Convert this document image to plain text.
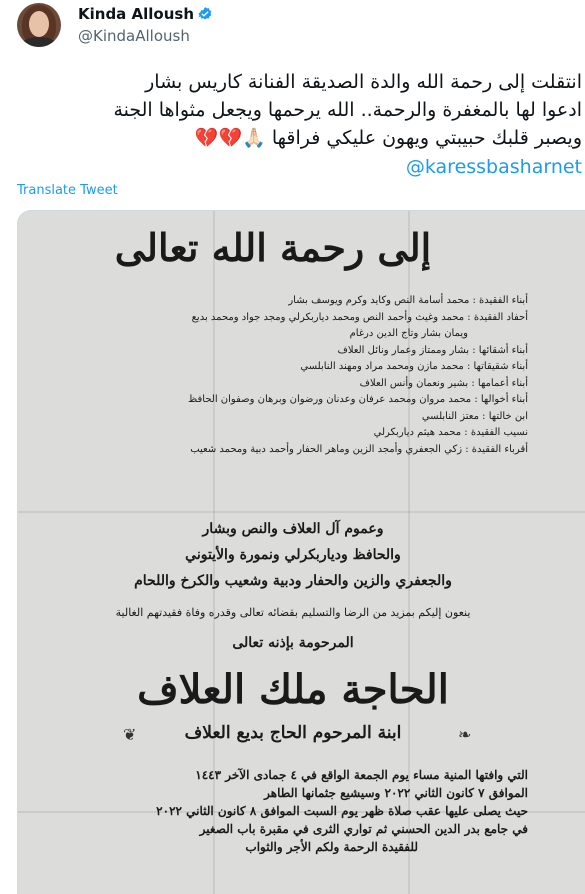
Kinda Alloush
@KindaAlloush

انتقلت إلى رحمة الله والدة الصديقة الفنانة كاريس بشار

ادعوا لها بالمغفرة والرحمة.. الله يرحمها ويجعل مثواها الجنة

ويصبر قلبك حبيبتي ويهون عليكي فراقها 🙏🏻💔💔

@karessbasharnet
Translate Tweet
إلى رحمة الله تعالى
أبناء الفقيدة : محمد أسامة النص وكايد وكرم ويوسف بشار
أحفاد الفقيدة : محمد وغيث وأحمد النص ومحمد دياربكرلي ومجد جواد ومحمد بديع
ويمان بشار وتاج الدين درغام
أبناء أشقائها : بشار وممتاز وعمار ونائل العلاف
أبناء شقيقاتها : محمد مازن ومحمد مراد ومهند النابلسي
أبناء أعمامها : بشير ونعمان وأنس العلاف
أبناء أخوالها : محمد مروان ومحمد عرفان وعدنان ورضوان وبرهان وصفوان الحافظ
ابن خالتها : معتز النابلسي
نسيب الفقيدة : محمد هيثم دياربكرلي
أقرباء الفقيدة : زكي الجعفري وأمجد الزين وماهر الحفار وأحمد دبية ومحمد شعيب
وعموم آل العلاف والنص وبشار
والحافظ ودياربكرلي ونمورة والأيتوني
والجعفري والزين والحفار ودبية وشعيب والكرخ واللحام
ينعون إليكم بمزيد من الرضا والتسليم بقضائه تعالى وقدره وفاة فقيدتهم الغالية
المرحومة بإذنه تعالى
الحاجة ملك العلاف
❦	ابنة المرحوم الحاج بديع العلاف	❧
التي وافتها المنية مساء يوم الجمعة الواقع في ٤ جمادى الآخر ١٤٤٣
الموافق ٧ كانون الثاني ٢٠٢٢ وسيشيع جثمانها الطاهر
حيث يصلى عليها عقب صلاة ظهر يوم السبت الموافق ٨ كانون الثاني ٢٠٢٢
في جامع بدر الدين الحسني ثم تواري الثرى في مقبرة باب الصغير
للفقيدة الرحمة ولكم الأجر والثواب
